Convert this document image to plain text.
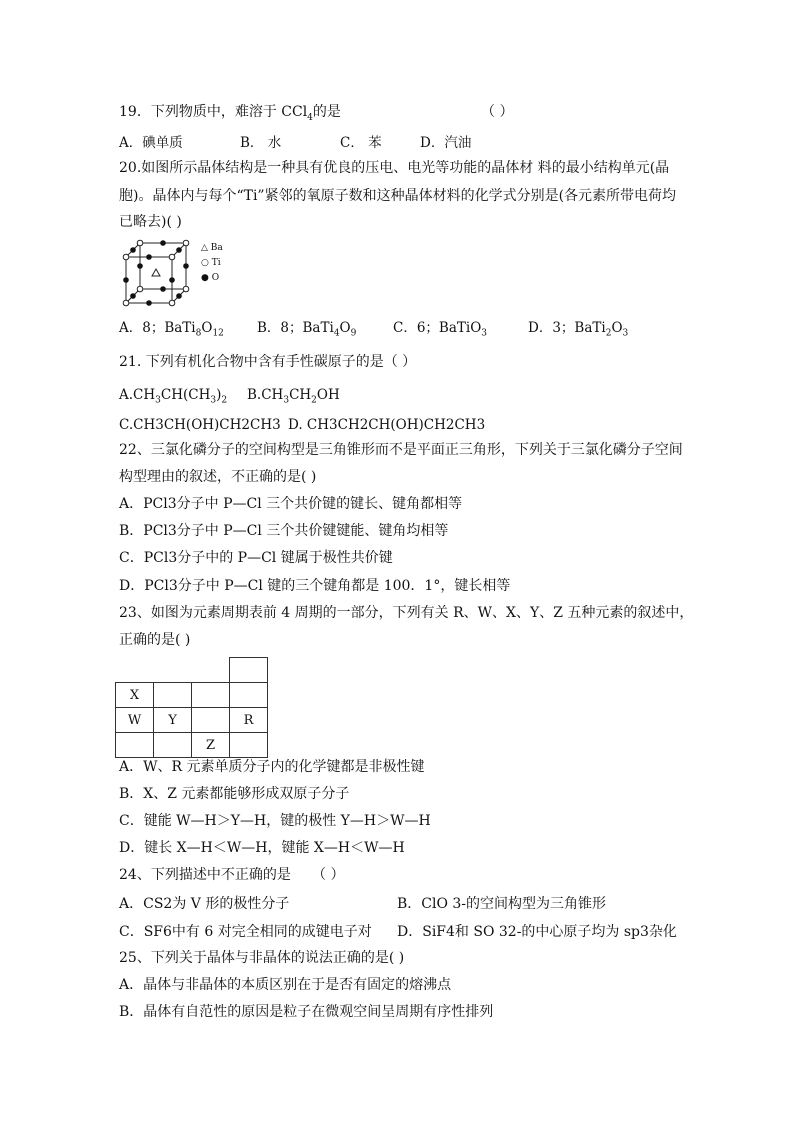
19．下列物质中，难溶于 CCl$_4$的是	（ ）
A．碘单质	B． 水	C． 苯	D．汽油
20.如图所示晶体结构是一种具有优良的压电、电光等功能的晶体材 料的最小结构单元(晶
胞)。晶体内与每个“Ti”紧邻的氧原子数和这种晶体材料的化学式分别是(各元素所带电荷均
已略去)( )
△ Ba
○ Ti
● O
A．8；$BaTi_8O_{12}$ B．8；$BaTi_4O_9$	C．6；BaTiO$_3$	D．3；$BaTi_2O_3$
21. 下列有机化合物中含有手性碳原子的是（ ）
$A.CH_3CH(CH_3)_2$ $B.CH_3CH_2OH$
C.CH3CH(OH)CH2CH3 D. CH3CH2CH(OH)CH2CH3
22、三氯化磷分子的空间构型是三角锥形而不是平面正三角形，下列关于三氯化磷分子空间
构型理由的叙述，不正确的是( )
A．PCl3分子中 P—Cl 三个共价键的键长、键角都相等
B．PCl3分子中 P—Cl 三个共价键键能、键角均相等
C．PCl3分子中的 P—Cl 键属于极性共价键
D．PCl3分子中 P—Cl 键的三个键角都是 100．1°，键长相等
23、如图为元素周期表前 4 周期的一部分，下列有关 R、W、X、Y、Z 五种元素的叙述中，
正确的是( )

X			
W	Y		R
		Z	
A．W、R 元素单质分子内的化学键都是非极性键
B．X、Z 元素都能够形成双原子分子
C．键能 W—H＞Y—H，键的极性 Y—H＞W—H
D．键长 X—H＜W—H，键能 X—H＜W—H
24、下列描述中不正确的是 （ ）
A．CS2为 V 形的极性分子	B．ClO 3-的空间构型为三角锥形
C．SF6中有 6 对完全相同的成键电子对 D．SiF4和 SO 32-的中心原子均为 sp3杂化
25、下列关于晶体与非晶体的说法正确的是( )
A．晶体与非晶体的本质区别在于是否有固定的熔沸点
B．晶体有自范性的原因是粒子在微观空间呈周期有序性排列
